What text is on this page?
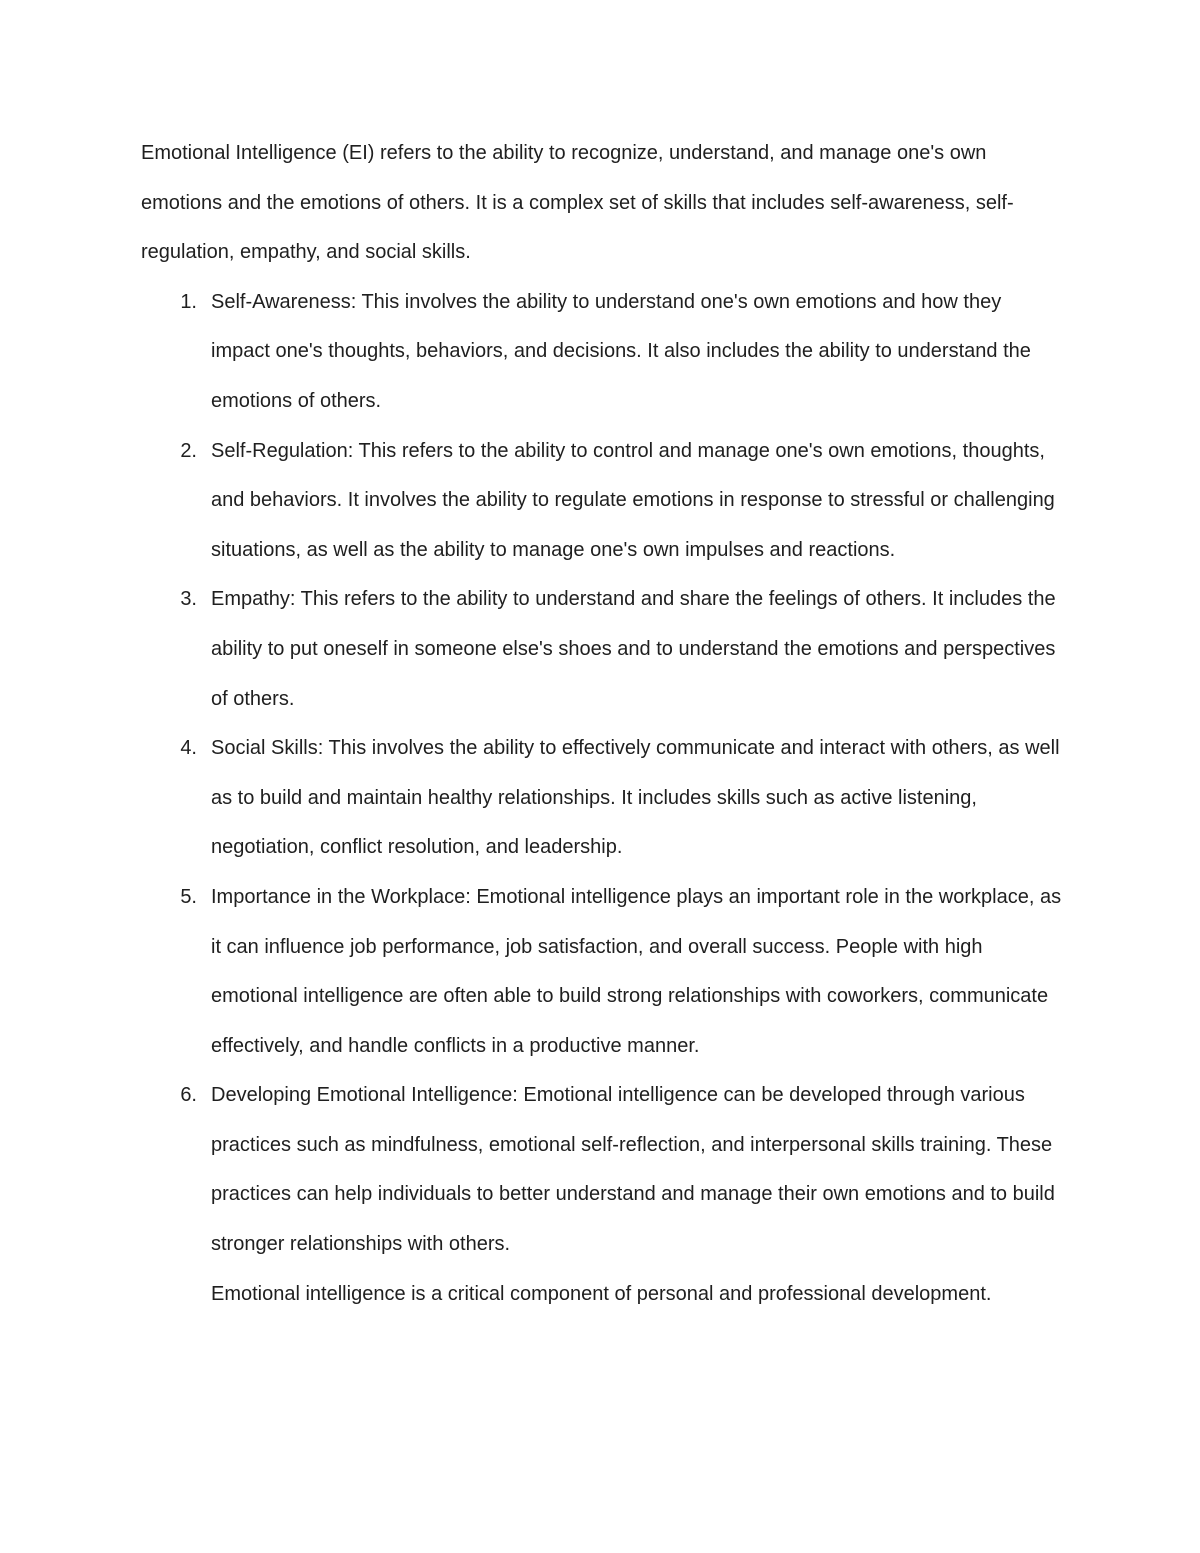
Emotional Intelligence (EI) refers to the ability to recognize, understand, and manage one's own emotions and the emotions of others. It is a complex set of skills that includes self-awareness, self-regulation, empathy, and social skills.

1. Self-Awareness: This involves the ability to understand one's own emotions and how they impact one's thoughts, behaviors, and decisions. It also includes the ability to understand the emotions of others.
2. Self-Regulation: This refers to the ability to control and manage one's own emotions, thoughts, and behaviors. It involves the ability to regulate emotions in response to stressful or challenging situations, as well as the ability to manage one's own impulses and reactions.
3. Empathy: This refers to the ability to understand and share the feelings of others. It includes the ability to put oneself in someone else's shoes and to understand the emotions and perspectives of others.
4. Social Skills: This involves the ability to effectively communicate and interact with others, as well as to build and maintain healthy relationships. It includes skills such as active listening, negotiation, conflict resolution, and leadership.
5. Importance in the Workplace: Emotional intelligence plays an important role in the workplace, as it can influence job performance, job satisfaction, and overall success. People with high emotional intelligence are often able to build strong relationships with coworkers, communicate effectively, and handle conflicts in a productive manner.
6. Developing Emotional Intelligence: Emotional intelligence can be developed through various practices such as mindfulness, emotional self-reflection, and interpersonal skills training. These practices can help individuals to better understand and manage their own emotions and to build stronger relationships with others.

Emotional intelligence is a critical component of personal and professional development.
